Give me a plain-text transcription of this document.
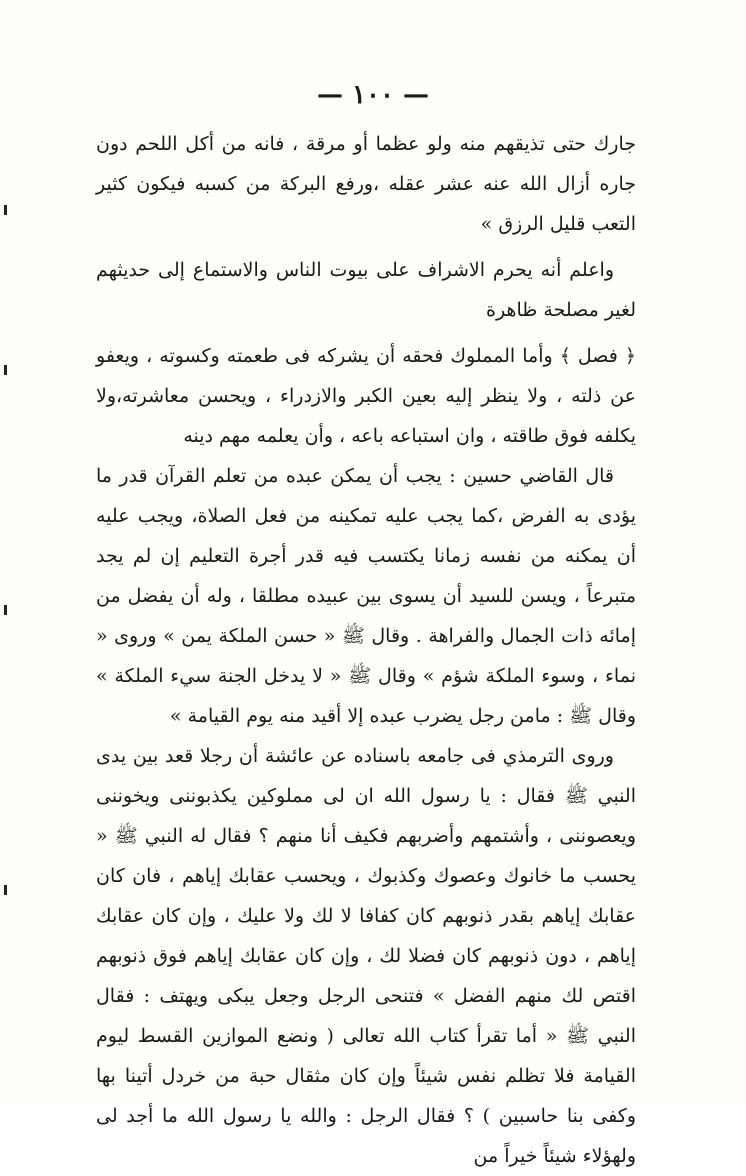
— ١٠٠ —

جارك حتى تذيقهم منه ولو عظما أو مرقة ، فانه من أكل اللحم دون جاره أزال الله عنه عشر عقله ،ورفع البركة من كسبه فيكون كثير التعب قليل الرزق »

واعلم أنه يحرم الاشراف على بيوت الناس والاستماع إلى حديثهم لغير مصلحة ظاهرة

﴿ فصل ﴾ وأما المملوك فحقه أن يشركه فى طعمته وكسوته ، ويعفو عن ذلته ، ولا ينظر إليه بعين الكبر والازدراء ، ويحسن معاشرته،ولا يكلفه فوق طاقته ، وان استباعه باعه ، وأن يعلمه مهم دينه

قال القاضي حسين : يجب أن يمكن عبده من تعلم القرآن قدر ما يؤدى به الفرض ،كما يجب عليه تمكينه من فعل الصلاة، ويجب عليه أن يمكنه من نفسه زمانا يكتسب فيه قدر أجرة التعليم إن لم يجد متبرعاً ، ويسن للسيد أن يسوى بين عبيده مطلقا ، وله أن يفضل من إمائه ذات الجمال والفراهة . وقال ﷺ « حسن الملكة يمن » وروى « نماء ، وسوء الملكة شؤم » وقال ﷺ « لا يدخل الجنة سيء الملكة » وقال ﷺ : مامن رجل يضرب عبده إلا أقيد منه يوم القيامة »

وروى الترمذي فى جامعه باسناده عن عائشة أن رجلا قعد بين يدى النبي ﷺ فقال : يا رسول الله ان لى مملوكين يكذبوننى ويخوننى ويعصوننى ، وأشتمهم وأضربهم فكيف أنا منهم ؟ فقال له النبي ﷺ « يحسب ما خانوك وعصوك وكذبوك ، ويحسب عقابك إياهم ، فان كان عقابك إياهم بقدر ذنوبهم كان كفافا لا لك ولا عليك ، وإن كان عقابك إياهم ، دون ذنوبهم كان فضلا لك ، وإن كان عقابك إياهم فوق ذنوبهم اقتص لك منهم الفضل » فتنحى الرجل وجعل يبكى ويهتف : فقال النبي ﷺ « أما تقرأ كتاب الله تعالى ( ونضع الموازين القسط ليوم القيامة فلا تظلم نفس شيئاً وإن كان مثقال حبة من خردل أتينا بها وكفى بنا حاسبين ) ؟ فقال الرجل : والله يا رسول الله ما أجد لى ولهؤلاء شيئاً خيراً من
